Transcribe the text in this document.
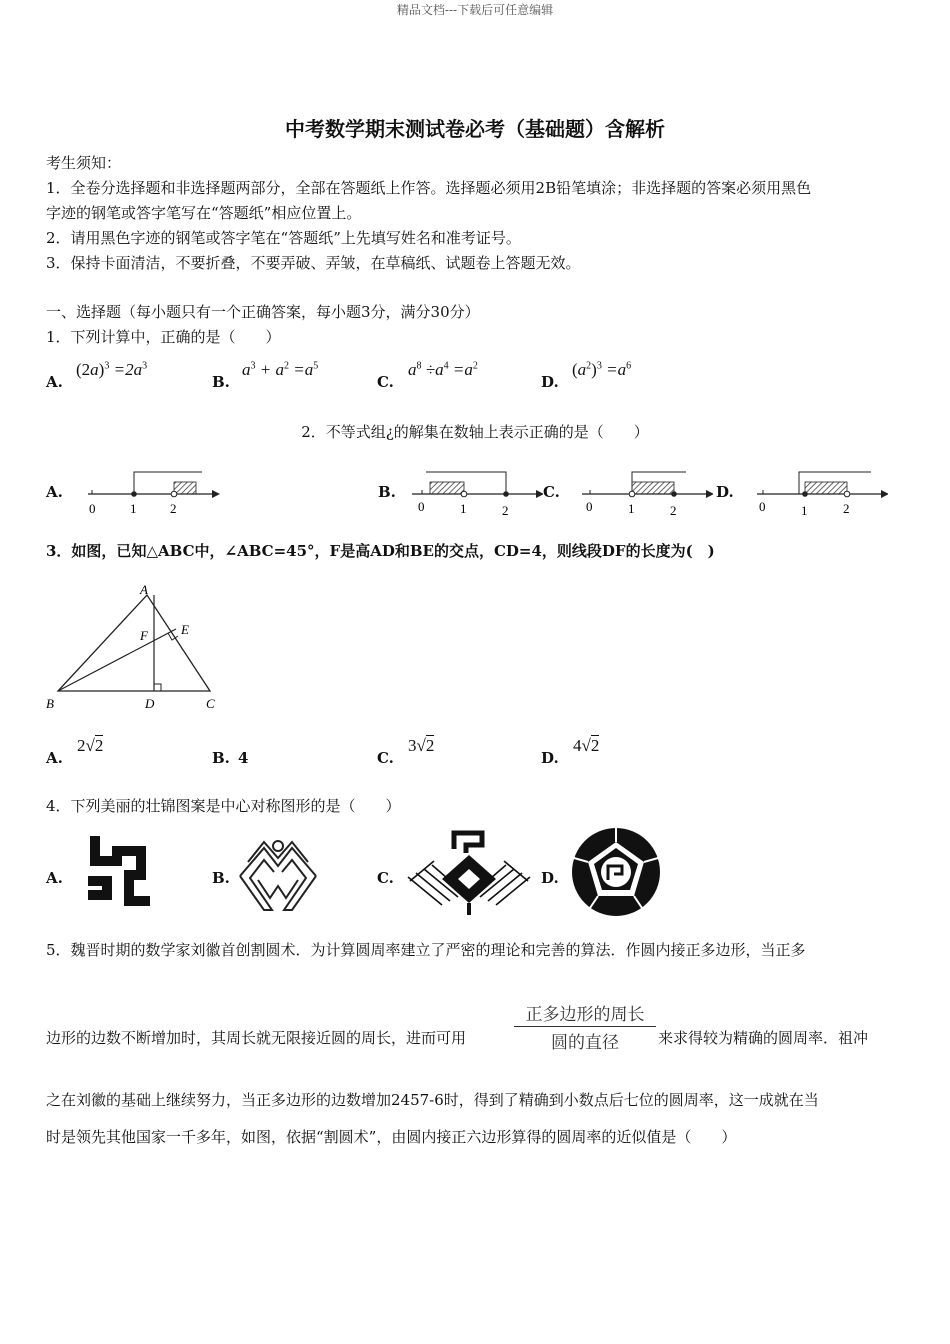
精品文档---下载后可任意编辑
中考数学期末测试卷必考（基础题）含解析
考生须知：
1．全卷分选择题和非选择题两部分，全部在答题纸上作答。选择题必须用2B铅笔填涂；非选择题的答案必须用黑色
字迹的钢笔或答字笔写在“答题纸”相应位置上。
2．请用黑色字迹的钢笔或答字笔在“答题纸”上先填写姓名和准考证号。
3．保持卡面清洁，不要折叠，不要弄破、弄皱，在草稿纸、试题卷上答题无效。
一、选择题（每小题只有一个正确答案，每小题3分，满分30分）
1．下列计算中，正确的是（　　）
A.
$(2a)^3 =2a^3$
B.
$a^3 + a^2 =a^5$
C.
$a^8 \div a^4 =a^2$
D.
$(a^2)^3 =a^6$
2．不等式组¿的解集在数轴上表示正确的是（　　）
A.
0	1	2
B.
0	1	2
C.
0	1	2
D.
0	1	2
3．如图，已知△ABC中，∠ABC=45°，F是高AD和BE的交点，CD=4，则线段DF的长度为(　)
A
B	C
D
E
F
A.
2√2
B. 4	C.
3√2
D.
4√2
4．下列美丽的壮锦图案是中心对称图形的是（　　）
A.	B.	C.	D.
5．魏晋时期的数学家刘徽首创割圆术．为计算圆周率建立了严密的理论和完善的算法．作圆内接正多边形，当正多
边形的边数不断增加时，其周长就无限接近圆的周长，进而可用
正多边形的周长
圆的直径	来求得较为精确的圆周率．祖冲
之在刘徽的基础上继续努力，当正多边形的边数增加2457-6时，得到了精确到小数点后七位的圆周率，这一成就在当
时是领先其他国家一千多年，如图，依据“割圆术”，由圆内接正六边形算得的圆周率的近似值是（　　）
